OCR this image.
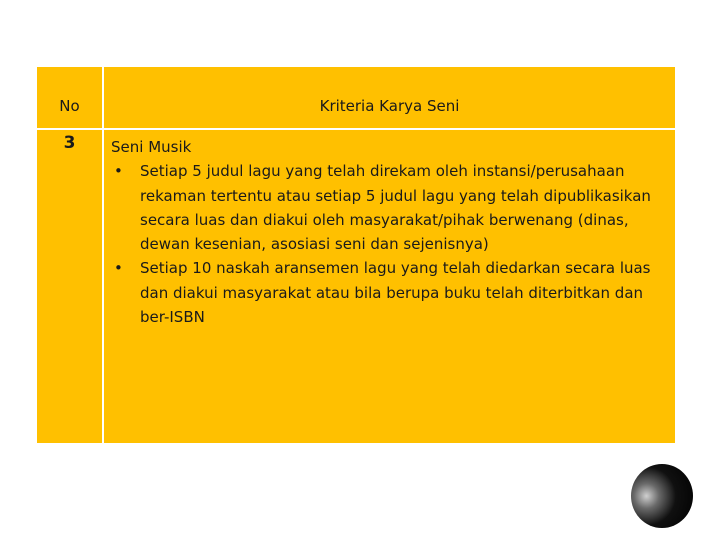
No	Kriteria Karya Seni
3	Seni Musik
• Setiap 5 judul lagu yang telah direkam oleh instansi/perusahaan rekaman tertentu atau setiap 5 judul lagu yang telah dipublikasikan secara luas dan diakui oleh masyarakat/pihak berwenang (dinas, dewan kesenian, asosiasi seni dan sejenisnya)
• Setiap 10 naskah aransemen lagu yang telah diedarkan secara luas dan diakui masyarakat atau bila berupa buku telah diterbitkan dan ber-ISBN
